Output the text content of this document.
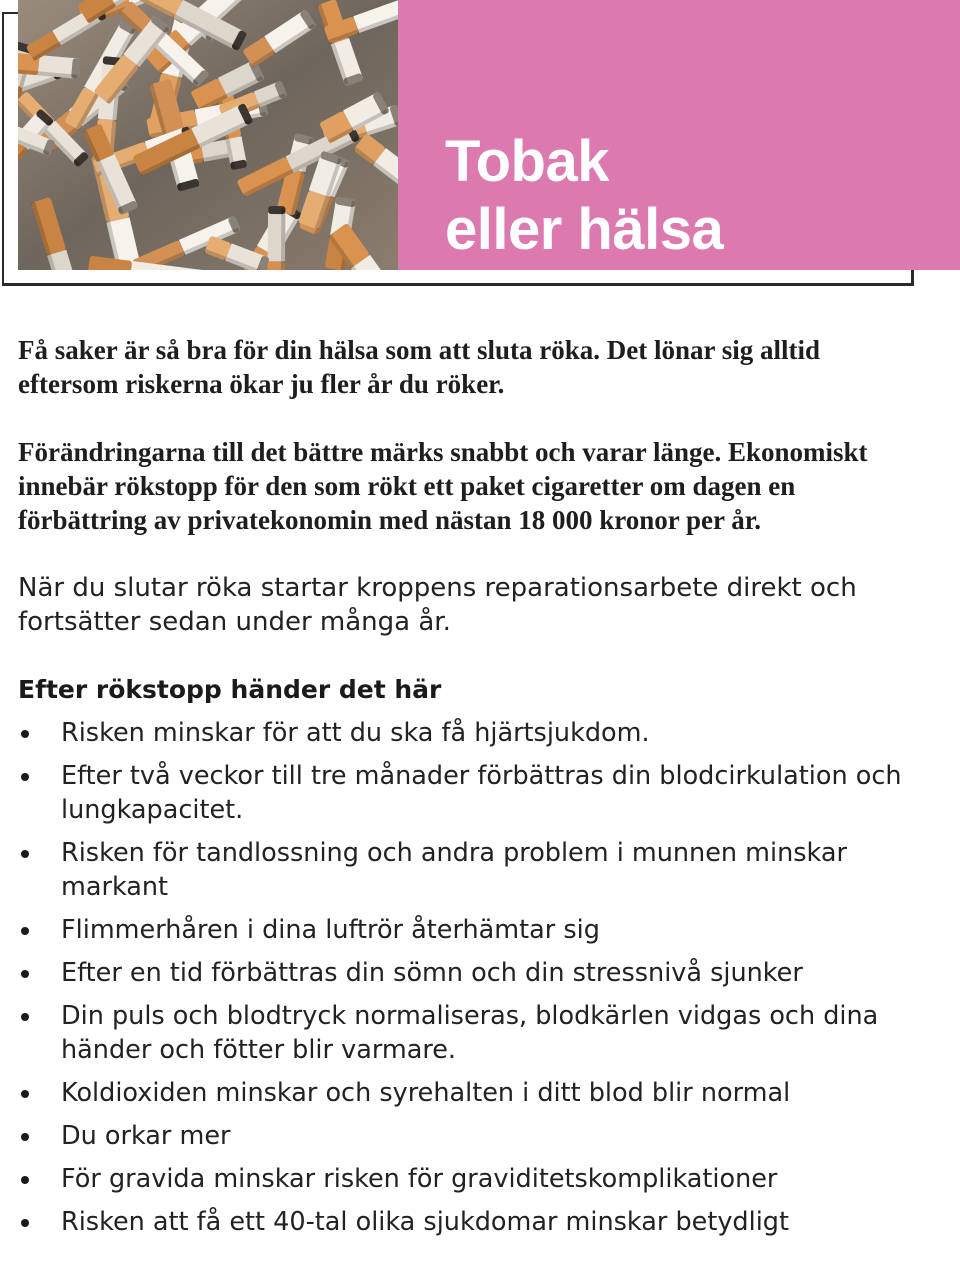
Tobak
eller hälsa

Få saker är så bra för din hälsa som att sluta röka. Det lönar sig alltid eftersom riskerna ökar ju fler år du röker.

Förändringarna till det bättre märks snabbt och varar länge. Ekonomiskt innebär rökstopp för den som rökt ett paket cigaretter om dagen en förbättring av privatekonomin med nästan 18 000 kronor per år.

När du slutar röka startar kroppens reparationsarbete direkt och fortsätter sedan under många år.

Efter rökstopp händer det här
Risken minskar för att du ska få hjärtsjukdom.
Efter två veckor till tre månader förbättras din blodcirkulation och lungkapacitet.
Risken för tandlossning och andra problem i munnen minskar markant
Flimmerhåren i dina luftrör återhämtar sig
Efter en tid förbättras din sömn och din stressnivå sjunker
Din puls och blodtryck normaliseras, blodkärlen vidgas och dina händer och fötter blir varmare.
Koldioxiden minskar och syrehalten i ditt blod blir normal
Du orkar mer
För gravida minskar risken för graviditetskomplikationer
Risken att få ett 40-tal olika sjukdomar minskar betydligt
